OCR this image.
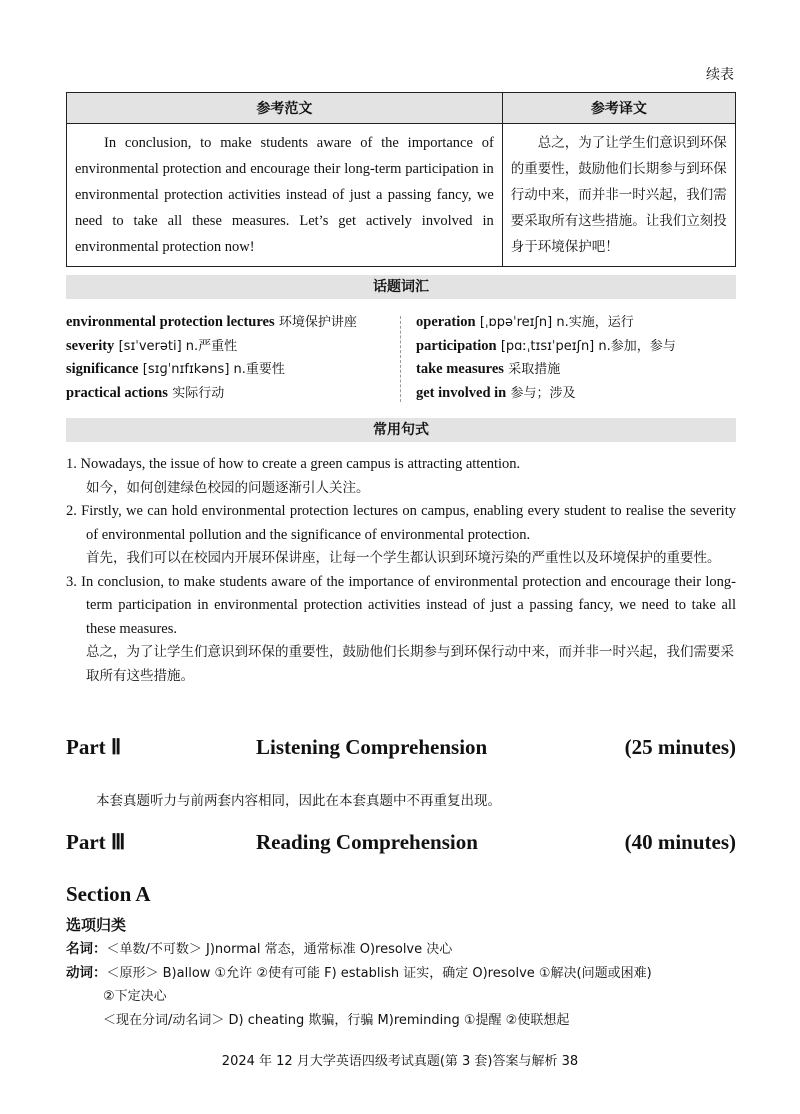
续表
参考范文	参考译文

In conclusion, to make students aware of the importance of environmental protection and encourage their long-term participation in environmental protection activities instead of just a passing fancy, we need to take all these measures. Let’s get actively involved in environmental protection now!	总之，为了让学生们意识到环保的重要性，鼓励他们长期参与到环保行动中来，而并非一时兴起，我们需要采取所有这些措施。让我们立刻投身于环境保护吧！
话题词汇
environmental protection lectures 环境保护讲座
severity [sɪˈverəti] n.严重性
significance [sɪɡˈnɪfɪkəns] n.重要性
practical actions 实际行动
operation [ˌɒpəˈreɪʃn] n.实施，运行
participation [pɑːˌtɪsɪˈpeɪʃn] n.参加，参与
take measures 采取措施
get involved in 参与；涉及
常用句式
1. Nowadays, the issue of how to create a green campus is attracting attention.
如今，如何创建绿色校园的问题逐渐引人关注。
2. Firstly, we can hold environmental protection lectures on campus, enabling every student to realise the severity of environmental pollution and the significance of environmental protection.
首先，我们可以在校园内开展环保讲座，让每一个学生都认识到环境污染的严重性以及环境保护的重要性。
3. In conclusion, to make students aware of the importance of environmental protection and encourage their long-term participation in environmental protection activities instead of just a passing fancy, we need to take all these measures.
总之，为了让学生们意识到环保的重要性，鼓励他们长期参与到环保行动中来，而并非一时兴起，我们需要采取所有这些措施。
Part Ⅱ	Listening Comprehension	(25 minutes)
本套真题听力与前两套内容相同，因此在本套真题中不再重复出现。
Part Ⅲ	Reading Comprehension	(40 minutes)
Section A
选项归类
名词：＜单数/不可数＞ J)normal 常态，通常标准 O)resolve 决心
动词：＜原形＞ B)allow ①允许 ②使有可能 F) establish 证实，确定 O)resolve ①解决(问题或困难)
②下定决心
＜现在分词/动名词＞ D) cheating 欺骗，行骗 M)reminding ①提醒 ②使联想起
2024 年 12 月大学英语四级考试真题(第 3 套)答案与解析 38
